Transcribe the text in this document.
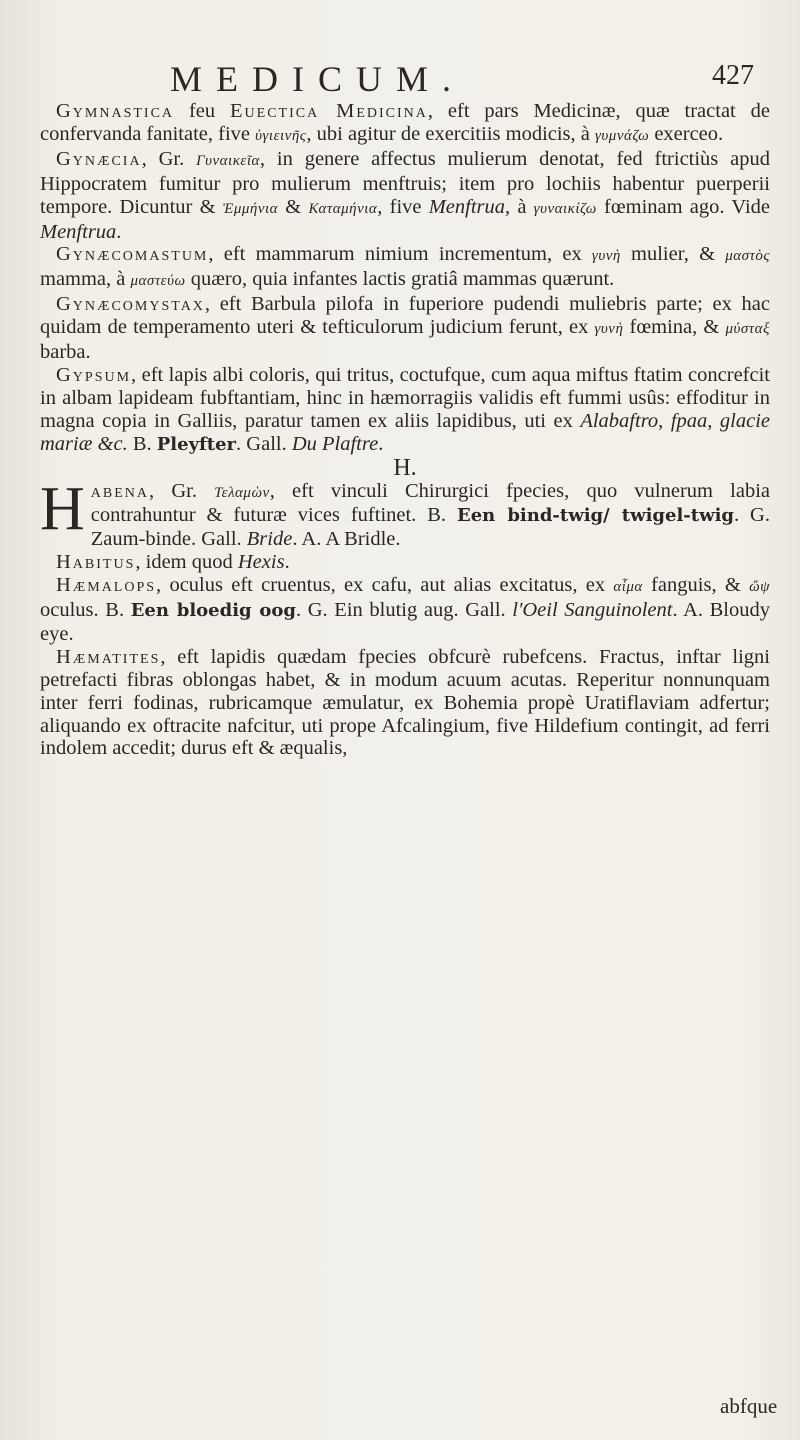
MEDICUM.	427

Gymnastica feu Euectica Medicina, eft pars Medicinæ, quæ tractat de confervanda fanitate, five ὑγιεινῆς, ubi agitur de exercitiis modicis, à γυμνάζω exerceo.

Gynæcia, Gr. Γυναικεῖα, in genere affectus mulierum denotat, fed ftrictiùs apud Hippocratem fumitur pro mulierum menftruis; item pro lochiis habentur puerperii tempore. Dicuntur & Ἐμμήνια & Καταμήνια, five Menftrua, à γυναικίζω fœminam ago. Vide Menftrua.

Gynæcomastum, eft mammarum nimium incrementum, ex γυνὴ mulier, & μαστὸς mamma, à μαστεύω quæro, quia infantes lactis gratiâ mammas quærunt.

Gynæcomystax, eft Barbula pilofa in fuperiore pudendi muliebris parte; ex hac quidam de temperamento uteri & tefticulorum judicium ferunt, ex γυνὴ fœmina, & μύσταξ barba.

Gypsum, eft lapis albi coloris, qui tritus, coctufque, cum aqua miftus ftatim concrefcit in albam lapideam fubftantiam, hinc in hæmorragiis validis eft fummi usûs: effoditur in magna copia in Galliis, paratur tamen ex aliis lapidibus, uti ex Alabaftro, fpaa, glacie mariæ &c. B. Pleyfter. Gall. Du Plaftre.

H.

Habena, Gr. Τελαμὼν, eft vinculi Chirurgici fpecies, quo vulnerum labia contrahuntur & futuræ vices fuftinet. B. Een bind-twig/ twigel-twig. G. Zaum-binde. Gall. Bride. A. A Bridle.

Habitus, idem quod Hexis.

Hæmalops, oculus eft cruentus, ex cafu, aut alias excitatus, ex αἷμα fanguis, & ὤψ oculus. B. Een bloedig oog. G. Ein blutig aug. Gall. l'Oeil Sanguinolent. A. Bloudy eye.

Hæmatites, eft lapidis quædam fpecies obfcurè rubefcens. Fractus, inftar ligni petrefacti fibras oblongas habet, & in modum acuum acutas. Reperitur nonnunquam inter ferri fodinas, rubricamque æmulatur, ex Bohemia propè Uratiflaviam adfertur; aliquando ex oftracite nafcitur, uti prope Afcalingium, five Hildefium contingit, ad ferri indolem accedit; durus eft & æqualis,

abfque
